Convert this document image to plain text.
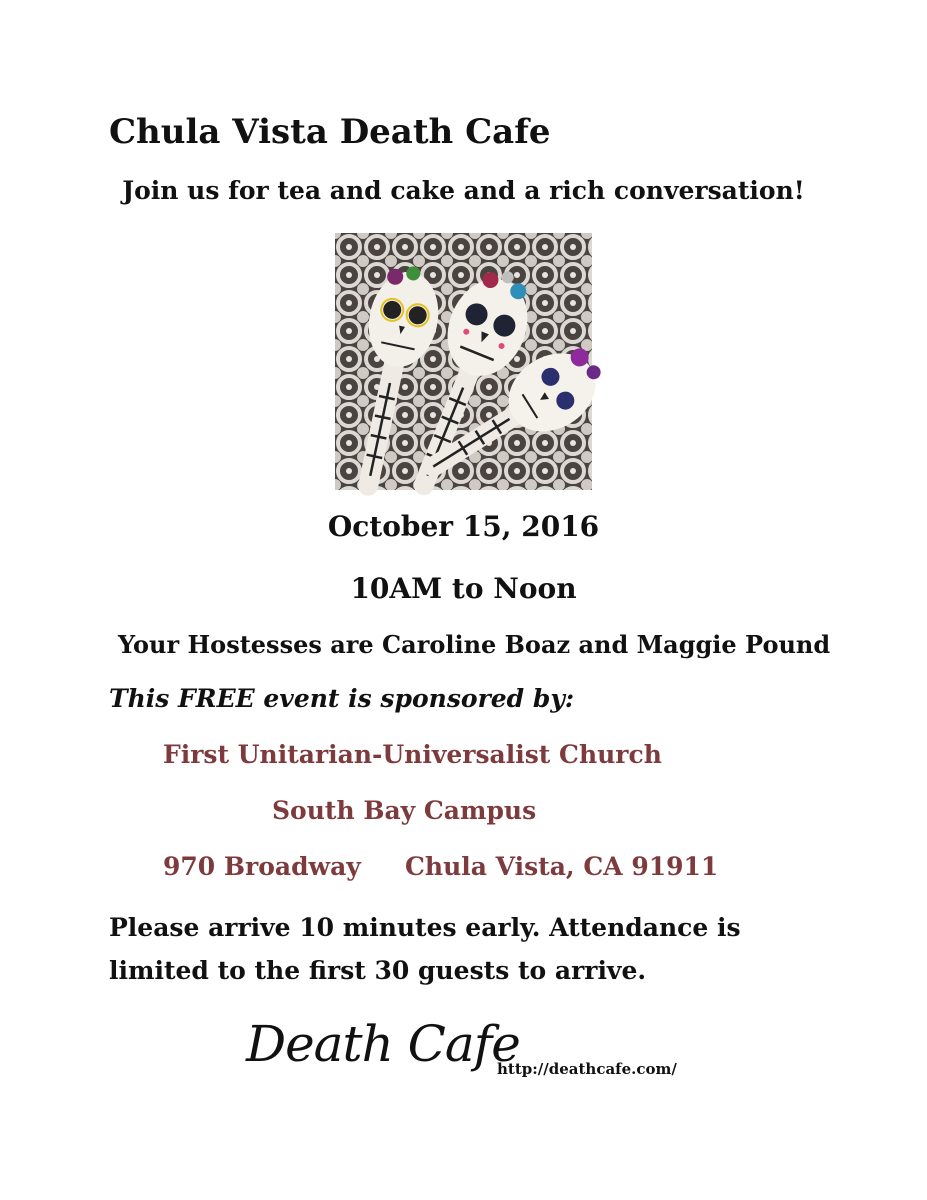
Chula Vista Death Cafe

Join us for tea and cake and a rich conversation!

October 15, 2016

10AM to Noon

Your Hostesses are Caroline Boaz and Maggie Pound

This FREE event is sponsored by:

First Unitarian-Universalist Church

South Bay Campus

970 Broadway Chula Vista, CA 91911

Please arrive 10 minutes early. Attendance is limited to the first 30 guests to arrive.

Death Cafe

http://deathcafe.com/
